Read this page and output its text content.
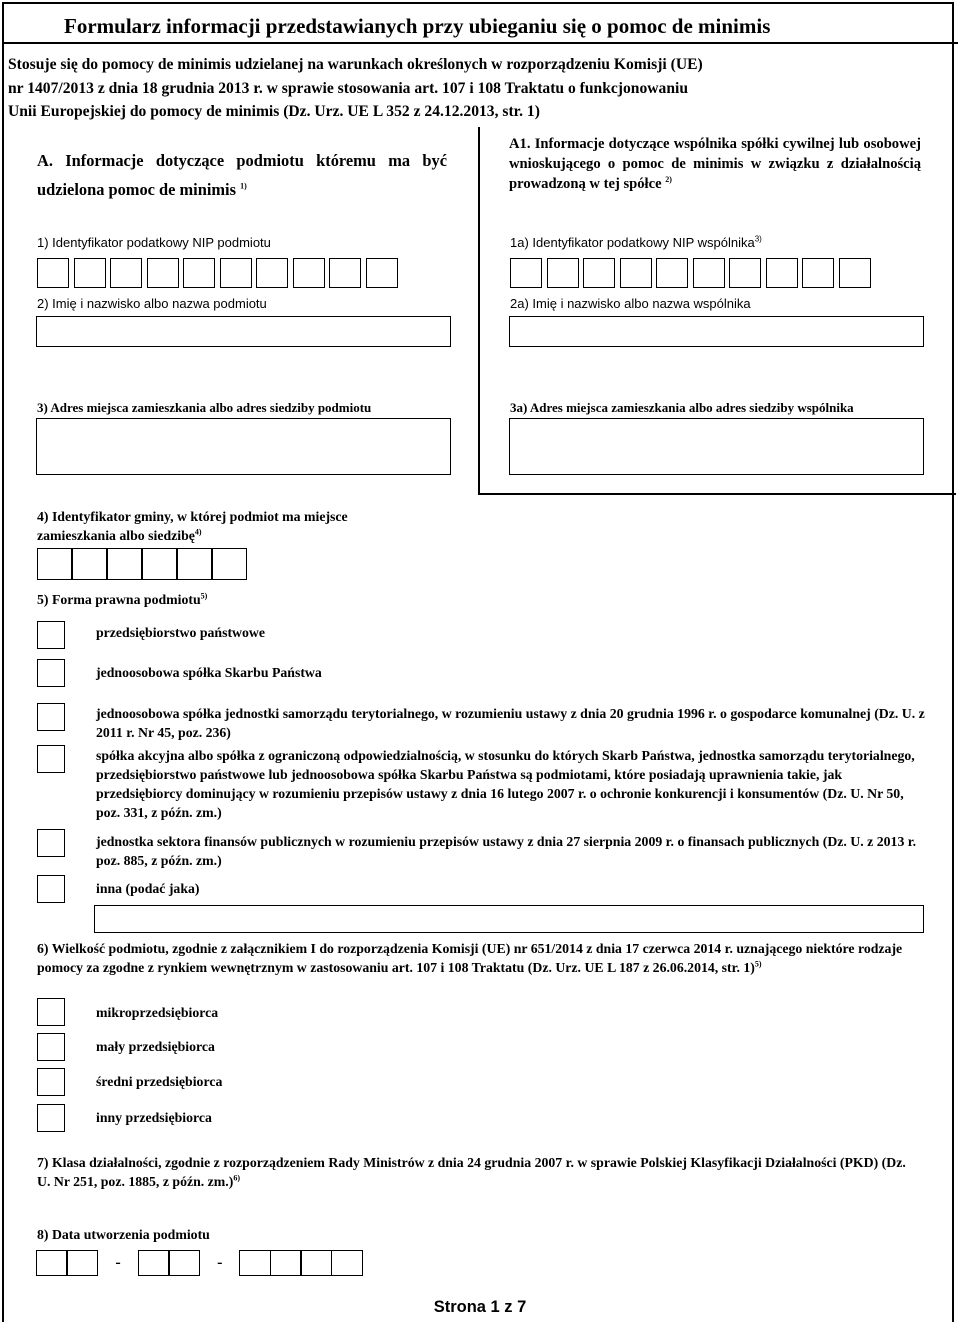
Formularz informacji przedstawianych przy ubieganiu się o pomoc de minimis
Stosuje się do pomocy de minimis udzielanej na warunkach określonych w rozporządzeniu Komisji (UE)
nr 1407/2013 z dnia 18 grudnia 2013 r. w sprawie stosowania art. 107 i 108 Traktatu o funkcjonowaniu
Unii Europejskiej do pomocy de minimis (Dz. Urz. UE L 352 z 24.12.2013, str. 1)
A1. Informacje dotyczące wspólnika spółki cywilnej lub osobowej wnioskującego o pomoc de minimis w związku z działalnością prowadzoną w tej spółce $^{2)}$
A. Informacje dotyczące podmiotu któremu ma być udzielona pomoc de minimis $^{1)}$
1) Identyfikator podatkowy NIP podmiotu
2) Imię i nazwisko albo nazwa podmiotu
3) Adres miejsca zamieszkania albo adres siedziby podmiotu
1a) Identyfikator podatkowy NIP wspólnika$^{3)}$
2a) Imię i nazwisko albo nazwa wspólnika
3a) Adres miejsca zamieszkania albo adres siedziby wspólnika
4) Identyfikator gminy, w której podmiot ma miejsce
zamieszkania albo siedzibę$^{4)}$
5) Forma prawna podmiotu$^{5)}$
przedsiębiorstwo państwowe
jednoosobowa spółka Skarbu Państwa
jednoosobowa spółka jednostki samorządu terytorialnego, w rozumieniu ustawy z dnia 20 grudnia 1996 r. o gospodarce komunalnej (Dz. U. z 2011 r. Nr 45, poz. 236)
spółka akcyjna albo spółka z ograniczoną odpowiedzialnością, w stosunku do których Skarb Państwa, jednostka samorządu terytorialnego, przedsiębiorstwo państwowe lub jednoosobowa spółka Skarbu Państwa są podmiotami, które posiadają uprawnienia takie, jak przedsiębiorcy dominujący w rozumieniu przepisów ustawy z dnia 16 lutego 2007 r. o ochronie konkurencji i konsumentów (Dz. U. Nr 50, poz. 331, z późn. zm.)
jednostka sektora finansów publicznych w rozumieniu przepisów ustawy z dnia 27 sierpnia 2009 r. o finansach publicznych (Dz. U. z 2013 r. poz. 885, z późn. zm.)
inna (podać jaka)
6) Wielkość podmiotu, zgodnie z załącznikiem I do rozporządzenia Komisji (UE) nr 651/2014 z dnia 17 czerwca 2014 r. uznającego niektóre rodzaje pomocy za zgodne z rynkiem wewnętrznym w zastosowaniu art. 107 i 108 Traktatu (Dz. Urz. UE L 187 z 26.06.2014, str. 1)$^{5)}$
mikroprzedsiębiorca
mały przedsiębiorca
średni przedsiębiorca
inny przedsiębiorca
7) Klasa działalności, zgodnie z rozporządzeniem Rady Ministrów z dnia 24 grudnia 2007 r. w sprawie Polskiej Klasyfikacji Działalności (PKD) (Dz. U. Nr 251, poz. 1885, z późn. zm.)$^{6)}$
8) Data utworzenia podmiotu
-	-
Strona 1 z 7
